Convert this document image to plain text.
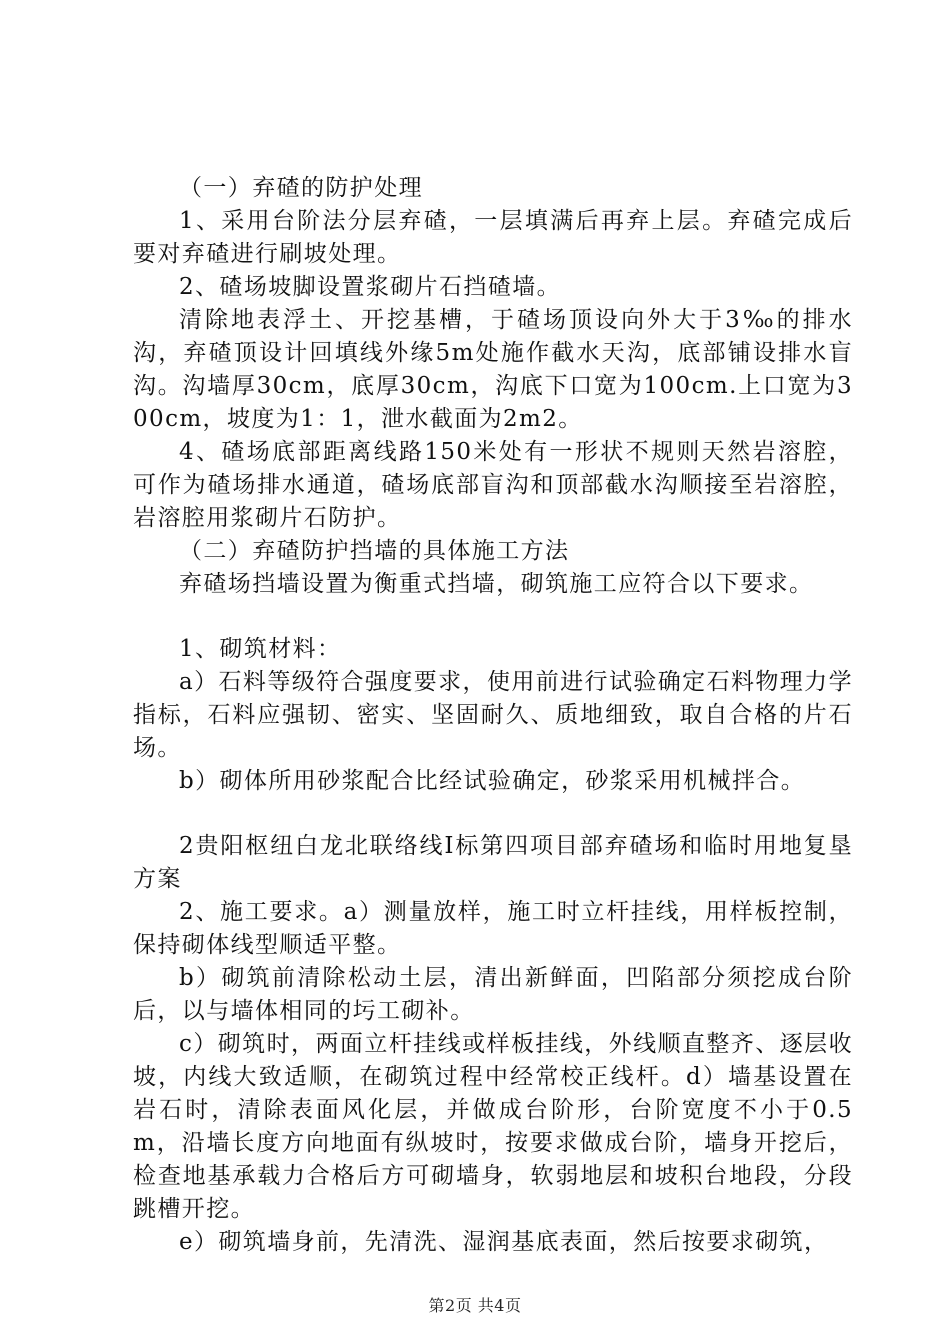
（一）弃碴的防护处理

1、采用台阶法分层弃碴，一层填满后再弃上层。弃碴完成后要对弃碴进行刷坡处理。

2、碴场坡脚设置浆砌片石挡碴墙。

清除地表浮土、开挖基槽，于碴场顶设向外大于3‰的排水沟，弃碴顶设计回填线外缘5m处施作截水天沟，底部铺设排水盲沟。沟墙厚30cm，底厚30cm，沟底下口宽为100cm.上口宽为300cm，坡度为1：1，泄水截面为2m2。

4、碴场底部距离线路150米处有一形状不规则天然岩溶腔，可作为碴场排水通道，碴场底部盲沟和顶部截水沟顺接至岩溶腔，岩溶腔用浆砌片石防护。

（二）弃碴防护挡墙的具体施工方法

弃碴场挡墙设置为衡重式挡墙，砌筑施工应符合以下要求。

1、砌筑材料：

a）石料等级符合强度要求，使用前进行试验确定石料物理力学指标，石料应强韧、密实、坚固耐久、质地细致，取自合格的片石场。

b）砌体所用砂浆配合比经试验确定，砂浆采用机械拌合。

2贵阳枢纽白龙北联络线Ⅰ标第四项目部弃碴场和临时用地复垦方案

2、施工要求。a）测量放样，施工时立杆挂线，用样板控制，保持砌体线型顺适平整。

b）砌筑前清除松动土层，清出新鲜面，凹陷部分须挖成台阶后，以与墙体相同的圬工砌补。

c）砌筑时，两面立杆挂线或样板挂线，外线顺直整齐、逐层收坡，内线大致适顺，在砌筑过程中经常校正线杆。d）墙基设置在岩石时，清除表面风化层，并做成台阶形，台阶宽度不小于0.5m，沿墙长度方向地面有纵坡时，按要求做成台阶，墙身开挖后，检查地基承载力合格后方可砌墙身，软弱地层和坡积台地段，分段跳槽开挖。

e）砌筑墙身前，先清洗、湿润基底表面，然后按要求砌筑，

第2页 共4页
